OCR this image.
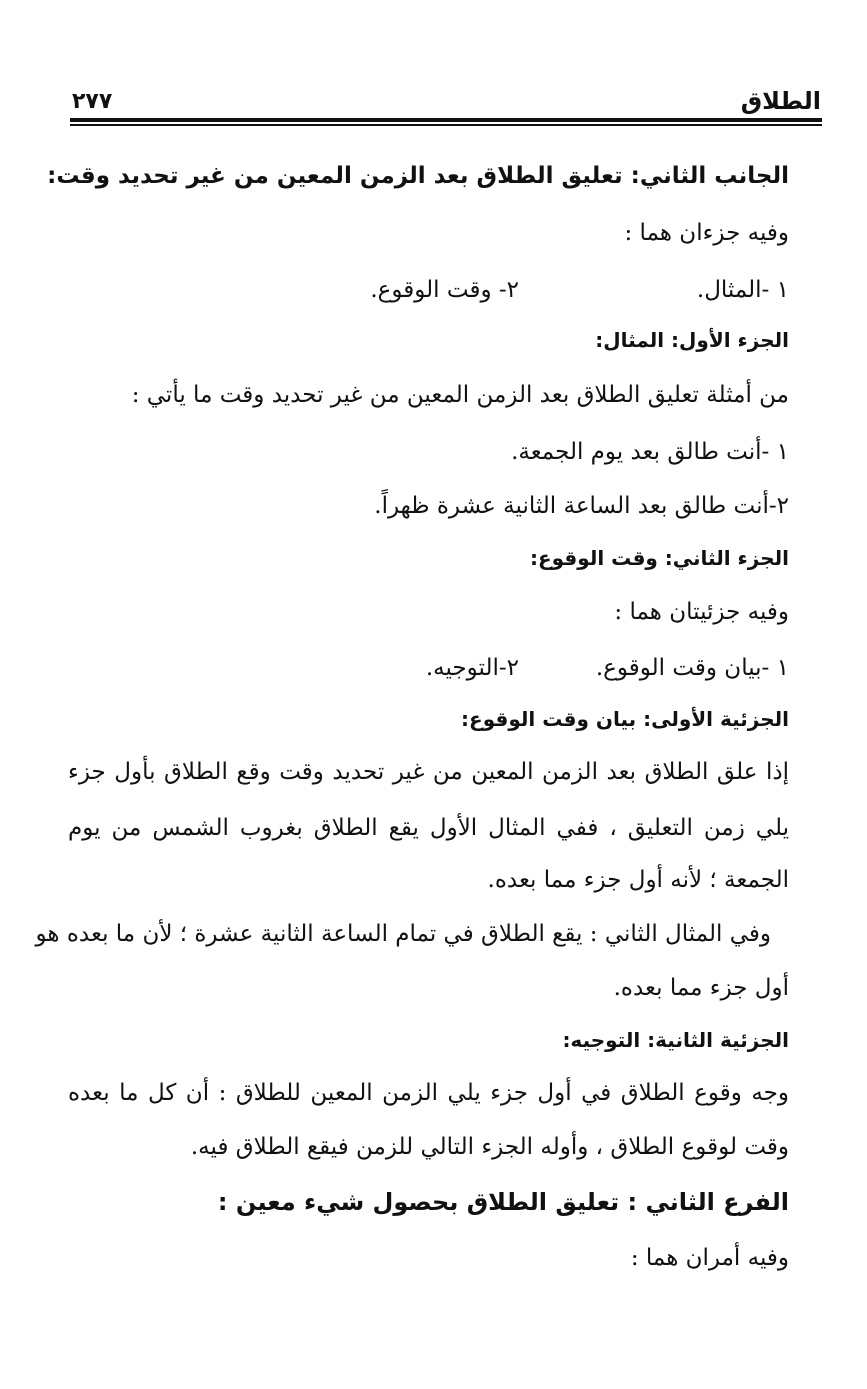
الطلاق
٢٧٧
الجانب الثاني: تعليق الطلاق بعد الزمن المعين من غير تحديد وقت:
وفيه جزءان هما :
١ -المثال.
٢- وقت الوقوع.
الجزء الأول: المثال:
من أمثلة تعليق الطلاق بعد الزمن المعين من غير تحديد وقت ما يأتي :
١ -أنت طالق بعد يوم الجمعة.
٢-أنت طالق بعد الساعة الثانية عشرة ظهراً.
الجزء الثاني: وقت الوقوع:
وفيه جزئيتان هما :
١ -بيان وقت الوقوع.
٢-التوجيه.
الجزئية الأولى: بيان وقت الوقوع:
إذا علق الطلاق بعد الزمن المعين من غير تحديد وقت وقع الطلاق بأول جزء
يلي زمن التعليق ، ففي المثال الأول يقع الطلاق بغروب الشمس من يوم
الجمعة ؛ لأنه أول جزء مما بعده.
وفي المثال الثاني : يقع الطلاق في تمام الساعة الثانية عشرة ؛ لأن ما بعده هو
أول جزء مما بعده.
الجزئية الثانية: التوجيه:
وجه وقوع الطلاق في أول جزء يلي الزمن المعين للطلاق : أن كل ما بعده
وقت لوقوع الطلاق ، وأوله الجزء التالي للزمن فيقع الطلاق فيه.
الفرع الثاني : تعليق الطلاق بحصول شيء معين :
وفيه أمران هما :
